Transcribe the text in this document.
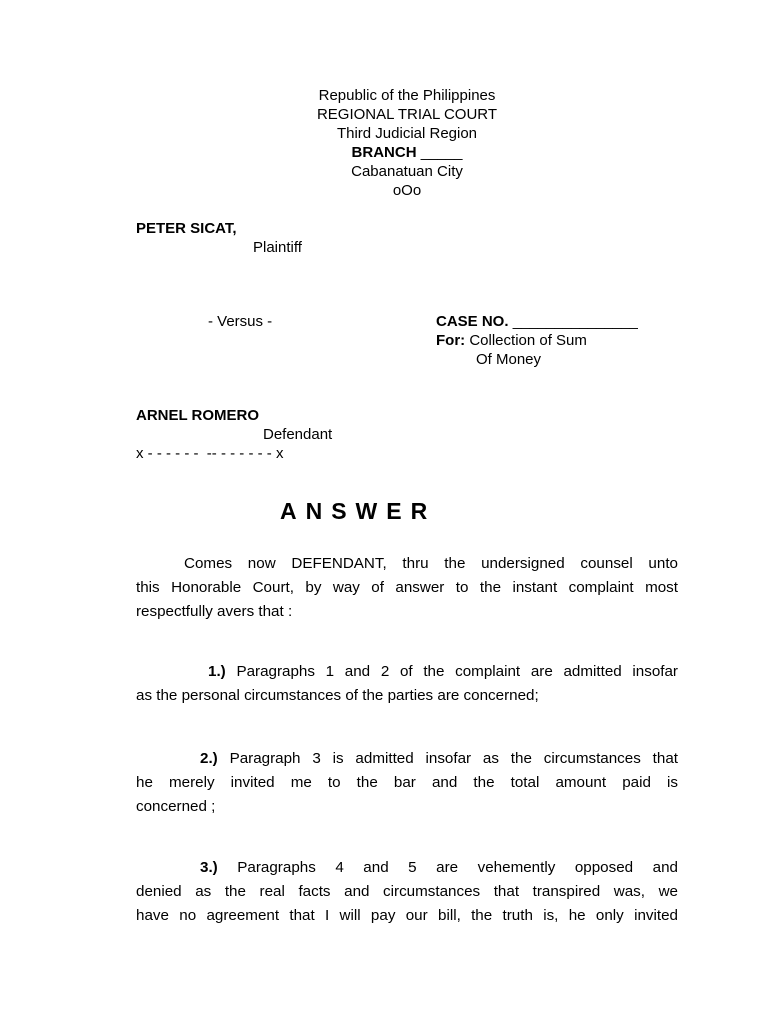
Republic of the Philippines
REGIONAL TRIAL COURT
Third Judicial Region
BRANCH _____
Cabanatuan City
oOo
PETER SICAT,
Plaintiff
- Versus -	CASE NO. _______________
For: Collection of Sum
Of Money
ARNEL ROMERO
Defendant
x - - - - - -  -- - - - - - - x
ANSWER
Comes now DEFENDANT, thru the undersigned counsel unto
this Honorable Court, by way of answer to the instant complaint most
respectfully avers that :
1.) Paragraphs 1 and 2 of the complaint are admitted insofar
as the personal circumstances of the parties are concerned;
2.) Paragraph 3 is admitted insofar as the circumstances that
he merely invited me to the bar and the total amount paid is
concerned ;
3.) Paragraphs 4 and 5 are vehemently opposed and
denied as the real facts and circumstances that transpired was, we
have no agreement that I will pay our bill, the truth is, he only invited
